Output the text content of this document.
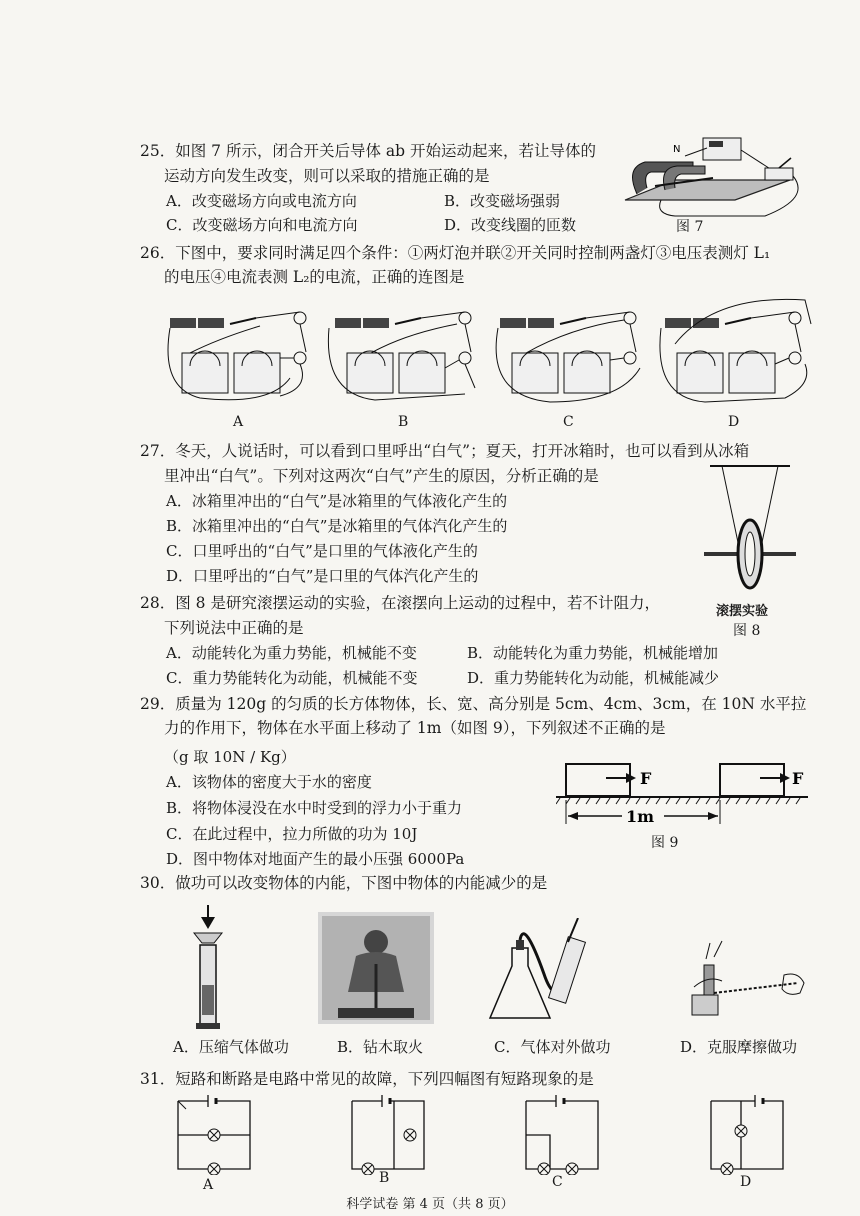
25．如图 7 所示，闭合开关后导体 ab 开始运动起来，若让导体的
运动方向发生改变，则可以采取的措施正确的是
A．改变磁场方向或电流方向	B．改变磁场强弱
C．改变磁场方向和电流方向	D．改变线圈的匝数
N
图 7
26．下图中，要求同时满足四个条件：①两灯泡并联②开关同时控制两盏灯③电压表测灯 L₁
的电压④电流表测 L₂的电流，正确的连图是
A	B	C	D
27．冬天，人说话时，可以看到口里呼出“白气”；夏天，打开冰箱时，也可以看到从冰箱
里冲出“白气”。下列对这两次“白气”产生的原因，分析正确的是
A．冰箱里冲出的“白气”是冰箱里的气体液化产生的
B．冰箱里冲出的“白气”是冰箱里的气体汽化产生的
C．口里呼出的“白气”是口里的气体液化产生的
D．口里呼出的“白气”是口里的气体汽化产生的
滚摆实验
28．图 8 是研究滚摆运动的实验，在滚摆向上运动的过程中，若不计阻力，
下列说法中正确的是	图 8
A．动能转化为重力势能，机械能不变	B．动能转化为重力势能，机械能增加
C．重力势能转化为动能，机械能不变	D．重力势能转化为动能，机械能减少
29．质量为 120g 的匀质的长方体物体，长、宽、高分别是 5cm、4cm、3cm，在 10N 水平拉
力的作用下，物体在水平面上移动了 1m（如图 9），下列叙述不正确的是
（g 取 10N / Kg）
A．该物体的密度大于水的密度
B．将物体浸没在水中时受到的浮力小于重力
C．在此过程中，拉力所做的功为 10J
D．图中物体对地面产生的最小压强 6000Pa
F	F
1m
图 9
30．做功可以改变物体的内能，下图中物体的内能减少的是
A．压缩气体做功	B．钻木取火	C．气体对外做功	D．克服摩擦做功
31．短路和断路是电路中常见的故障，下列四幅图有短路现象的是
A	B	C	D
科学试卷 第 4 页（共 8 页）
